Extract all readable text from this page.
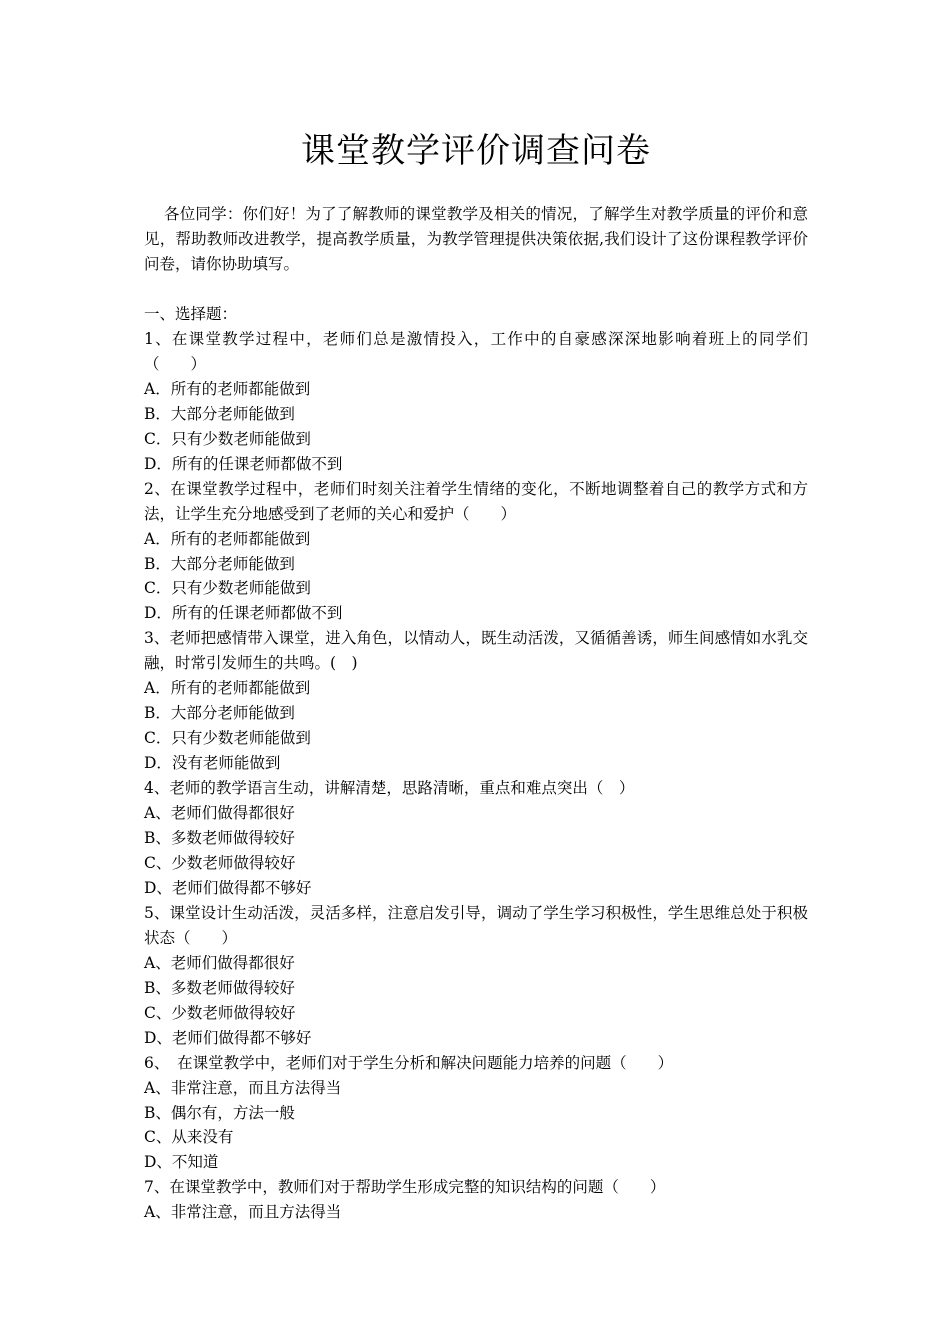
课堂教学评价调查问卷

各位同学：你们好！为了了解教师的课堂教学及相关的情况，了解学生对教学质量的评价和意见，帮助教师改进教学，提高教学质量，为教学管理提供决策依据,我们设计了这份课程教学评价问卷，请你协助填写。

一、选择题：
1、在课堂教学过程中，老师们总是激情投入，工作中的自豪感深深地影响着班上的同学们（　　）
A．所有的老师都能做到
B．大部分老师能做到
C．只有少数老师能做到
D．所有的任课老师都做不到
2、在课堂教学过程中，老师们时刻关注着学生情绪的变化，不断地调整着自己的教学方式和方法，让学生充分地感受到了老师的关心和爱护（　　）
A．所有的老师都能做到
B．大部分老师能做到
C．只有少数老师能做到
D．所有的任课老师都做不到
3、老师把感情带入课堂，进入角色，以情动人，既生动活泼，又循循善诱，师生间感情如水乳交融，时常引发师生的共鸣。(　)
A．所有的老师都能做到
B．大部分老师能做到
C．只有少数老师能做到
D．没有老师能做到
4、老师的教学语言生动，讲解清楚，思路清晰，重点和难点突出（　）
A、老师们做得都很好
B、多数老师做得较好
C、少数老师做得较好
D、老师们做得都不够好
5、课堂设计生动活泼，灵活多样，注意启发引导，调动了学生学习积极性，学生思维总处于积极状态（　　）
A、老师们做得都很好
B、多数老师做得较好
C、少数老师做得较好
D、老师们做得都不够好
6、　在课堂教学中，老师们对于学生分析和解决问题能力培养的问题（　　）
A、非常注意，而且方法得当
B、偶尔有，方法一般
C、从来没有
D、不知道
7、在课堂教学中，教师们对于帮助学生形成完整的知识结构的问题（　　）
A、非常注意，而且方法得当
